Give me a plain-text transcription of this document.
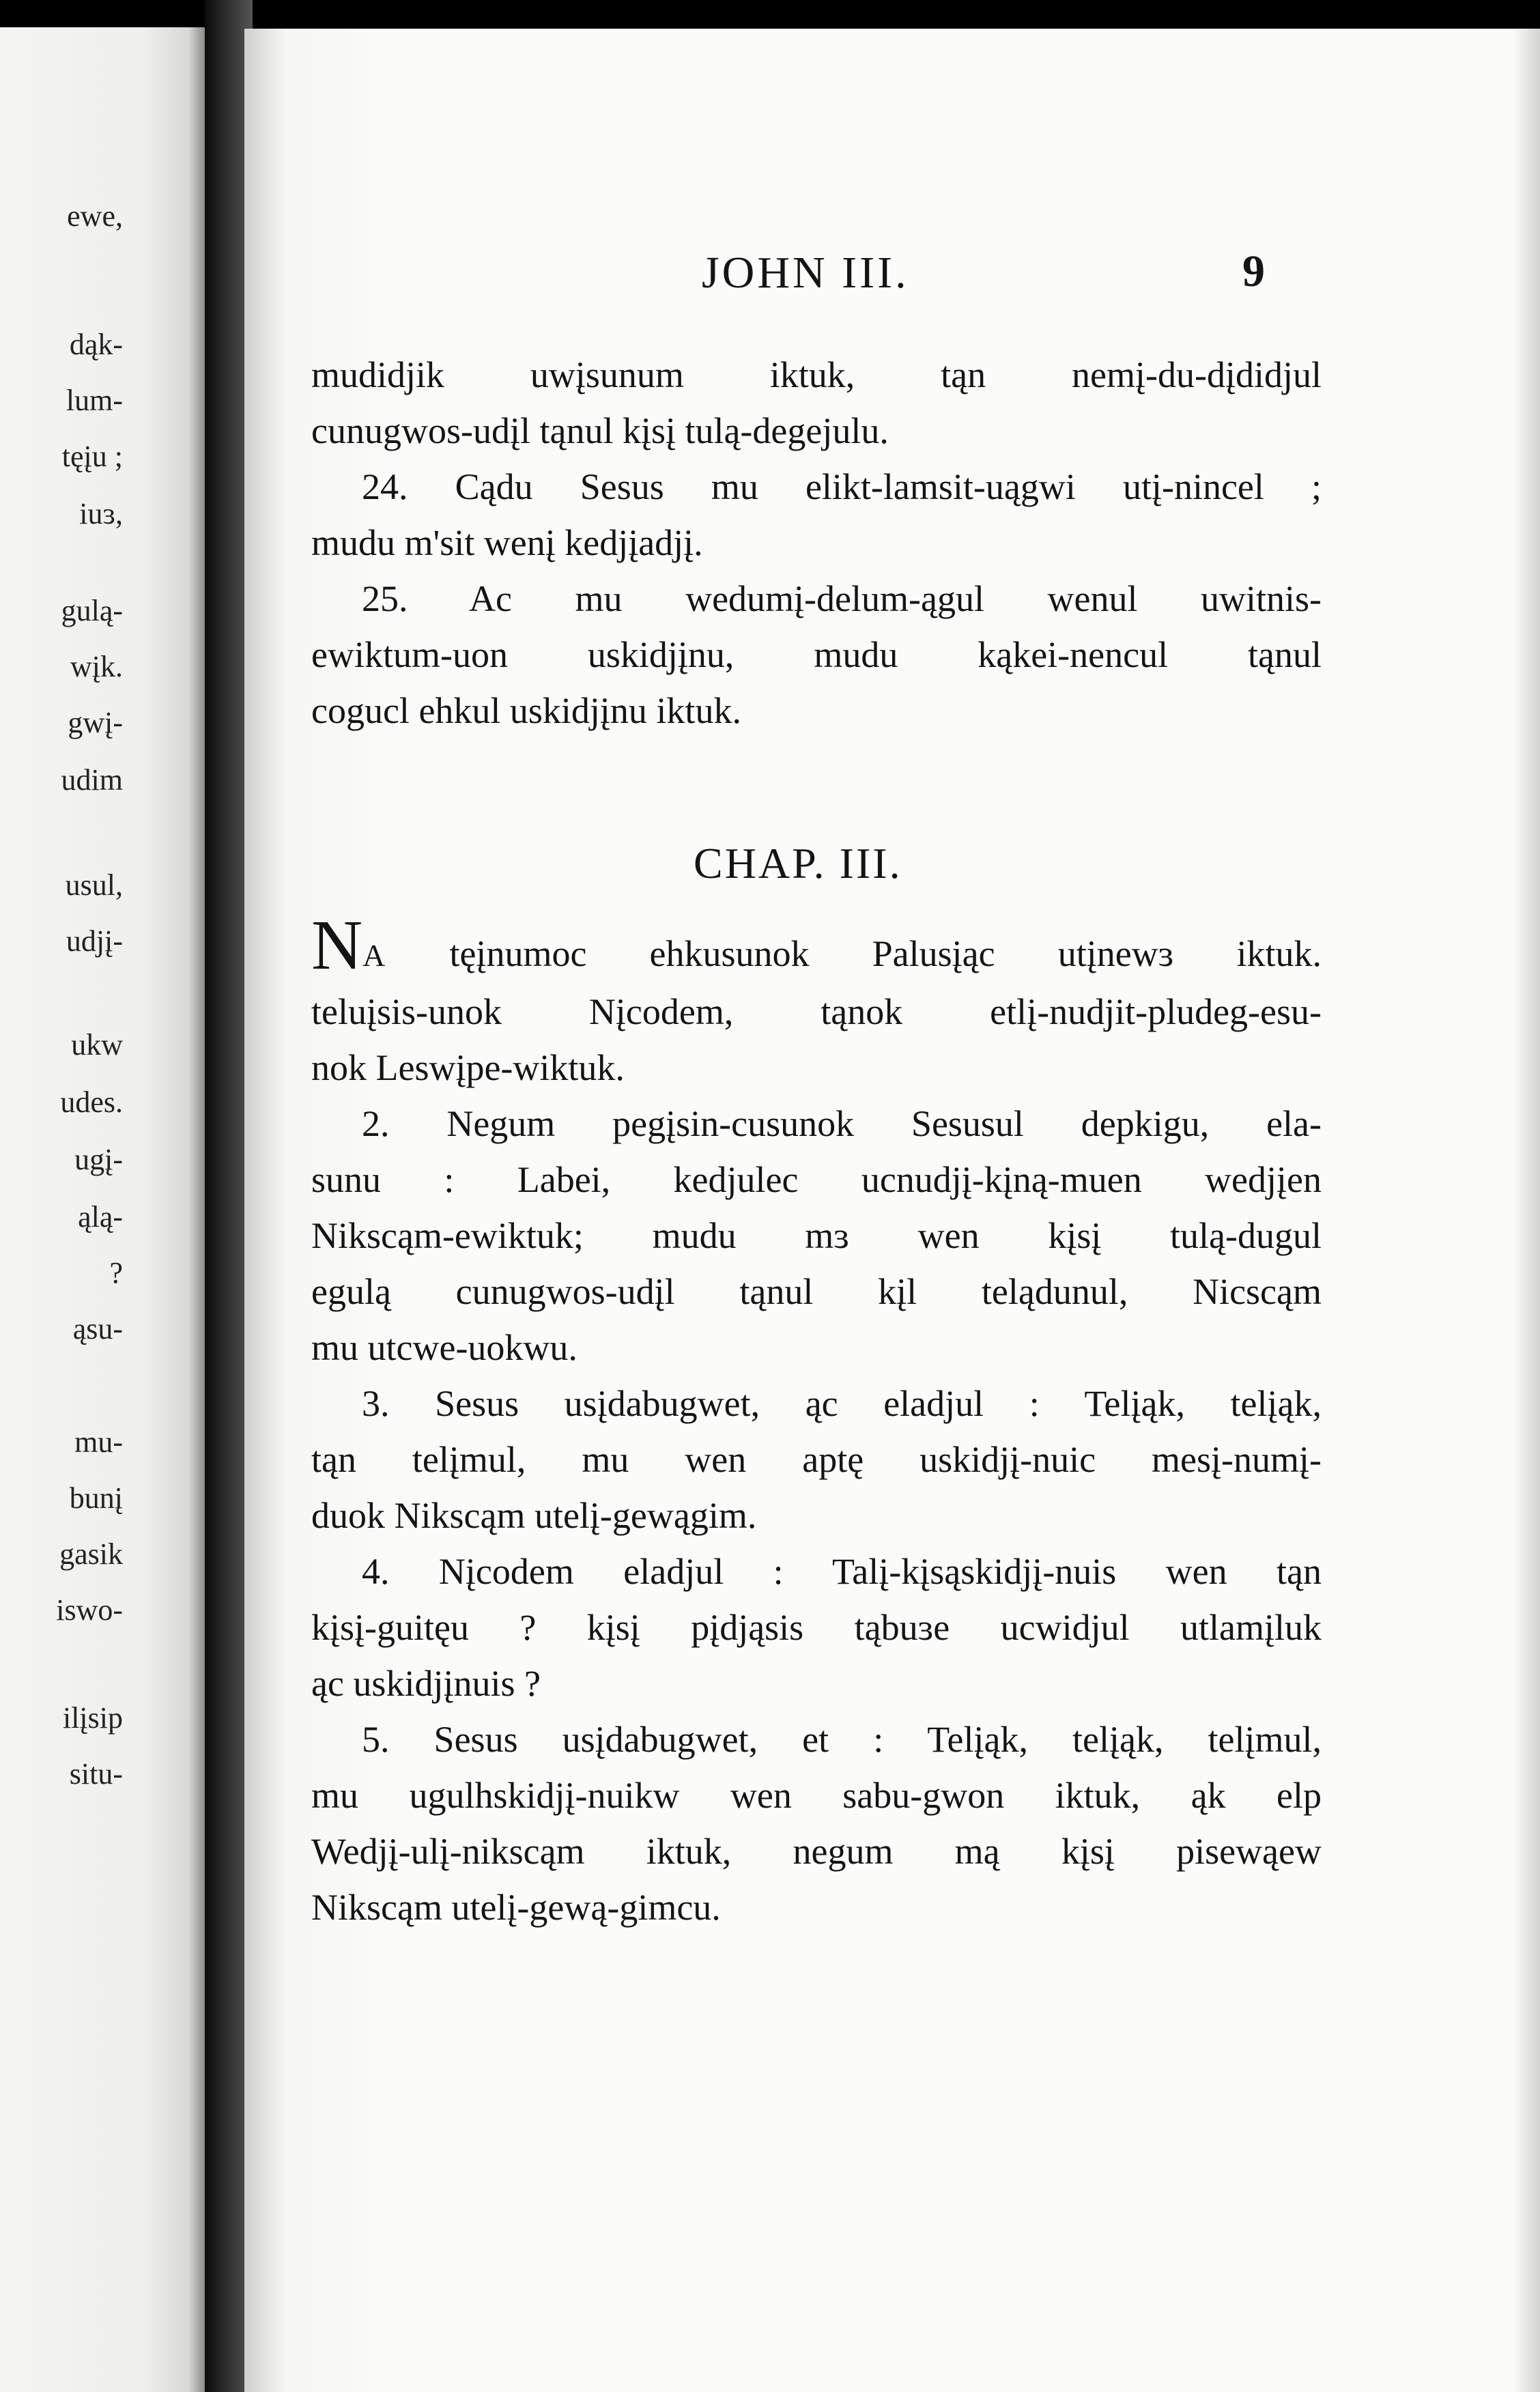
ewe,
dąk-
lum-
tęįu ;
iuɜ,
gulą-
wįk.
gwį-
udim
usul,
udjį-
ukw
udes.
ugį-
ąlą-
?
ąsu-
mu-
bunį
gasik
iswo-
ilįsip
situ-
JOHN III.	9
mudidjik uwįsunum iktuk, tąn nemį-du-dįdidjul
cunugwos-udįl tąnul kįsį tulą-degejulu.
24. Cądu Sesus mu elikt-lamsit-uągwi utį-nincel ;
mudu m'sit wenį kedjįadjį.
25. Ac mu wedumį-delum-ągul wenul uwitnis-
ewiktum-uon uskidjįnu, mudu kąkei-nencul tąnul
cogucl ehkul uskidjįnu iktuk.
CHAP. III.
NA tęįnumoc ehkusunok Palusįąc utįnewɜ iktuk.
teluįsis-unok Nįcodem, tąnok etlį-nudjit-pludeg-esu-
nok Leswįpe-wiktuk.
2. Negum pegįsin-cusunok Sesusul depkigu, ela-
sunu : Labei, kedjulec ucnudjį-kįną-muen wedjįen
Nikscąm-ewiktuk; mudu mɜ wen kįsį tulą-dugul
egulą cunugwos-udįl tąnul kįl telądunul, Nicscąm
mu utcwe-uokwu.
3. Sesus usįdabugwet, ąc eladjul : Telįąk, telįąk,
tąn telįmul, mu wen aptę uskidjį-nuic mesį-numį-
duok Nikscąm utelį-gewągim.
4. Nįcodem eladjul : Talį-kįsąskidjį-nuis wen tąn
kįsį-guitęu ? kįsį pįdjąsis tąbuɜe ucwidjul utlamįluk
ąc uskidjįnuis ?
5. Sesus usįdabugwet, et : Telįąk, telįąk, telįmul,
mu ugulhskidjį-nuikw wen sabu-gwon iktuk, ąk elp
Wedjį-ulį-nikscąm iktuk, negum mą kįsį pisewąew
Nikscąm utelį-gewą-gimcu.
